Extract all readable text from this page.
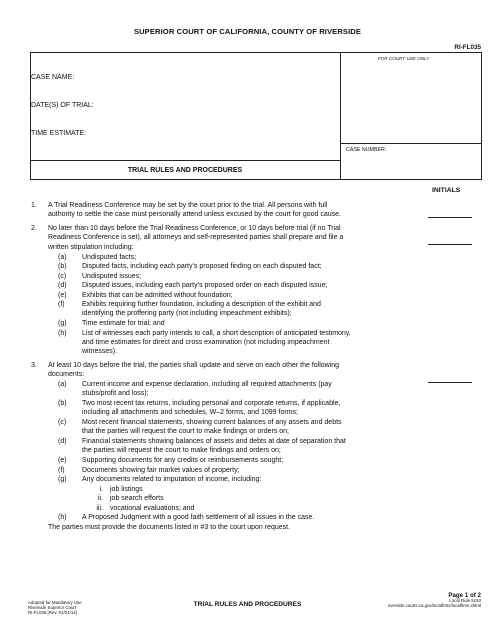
SUPERIOR COURT OF CALIFORNIA, COUNTY OF RIVERSIDE
RI-FL035
FOR COURT USE ONLY
CASE NAME:
DATE(S) OF TRIAL:
TIME ESTIMATE:
CASE NUMBER:
TRIAL RULES AND PROCEDURES
INITIALS
1. A Trial Readiness Conference may be set by the court prior to the trial. All persons with full
authority to settle the case must personally attend unless excused by the court for good cause.
2. No later than 10 days before the Trial Readiness Conference, or 10 days before trial (if no Trial
Readiness Conference is set), all attorneys and self-represented parties shall prepare and file a
written stipulation including:
(a) Undisputed facts;
(b) Disputed facts, including each party’s proposed finding on each disputed fact;
(c) Undisputed issues;
(d) Disputed issues, including each party’s proposed order on each disputed issue;
(e) Exhibits that can be admitted without foundation;
(f) Exhibits requiring further foundation, including a description of the exhibit and
identifying the proffering party (not including impeachment exhibits);
(g) Time estimate for trial; and
(h) List of witnesses each party intends to call, a short description of anticipated testimony,
and time estimates for direct and cross examination (not including impeachment
witnesses).
3. At least 10 days before the trial, the parties shall update and serve on each other the following
documents:
(a) Current income and expense declaration, including all required attachments (pay
stubs/profit and loss);
(b) Two most recent tax returns, including personal and corporate returns, if applicable,
including all attachments and schedules, W–2 forms, and 1099 forms;
(c) Most recent financial statements, showing current balances of any assets and debts
that the parties will request the court to make findings or orders on;
(d) Financial statements showing balances of assets and debts at date of separation that
the parties will request the court to make findings and orders on;
(e) Supporting documents for any credits or reimbursements sought;
(f) Documents showing fair market values of property;
(g) Any documents related to imputation of income, including:
i. job listings
ii. job search efforts
iii. vocational evaluations; and
(h) A Proposed Judgment with a good faith settlement of all issues in the case.
The parties must provide the documents listed in #3 to the court upon request.
Adopted for Mandatory Use
Riverside Superior Court
RI-FL035 [Rev. 01/01/14]
TRIAL RULES AND PROCEDURES
Page 1 of 2
Local Rule 5153
riverside.courts.ca.gov/localfrms/localfrms.shtml
